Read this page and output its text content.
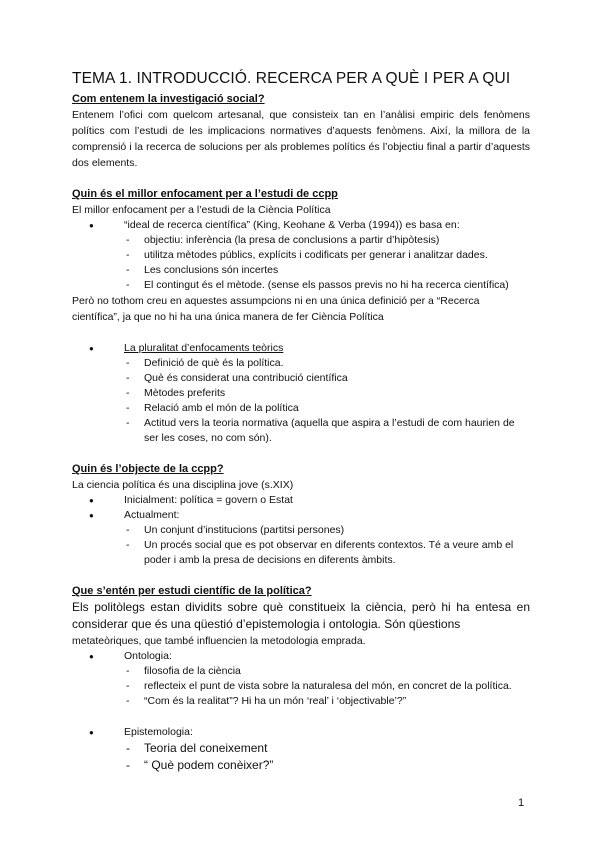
TEMA 1. INTRODUCCIÓ. RECERCA PER A QUÈ I PER A QUI
Com entenem la investigació social?

Entenem l’ofici com quelcom artesanal, que consisteix tan en l’anàlisi empiric dels fenòmens polítics com l’estudi de les implicacions normatives d’aquests fenòmens. Així, la millora de la comprensió i la recerca de solucions per als problemes polítics és l’objectiu final a partir d’aquests dos elements.

Quin és el millor enfocament per a l’estudi de ccpp

El millor enfocament per a l’estudi de la Ciència Política

● “ideal de recerca científica” (King, Keohane & Verba (1994)) es basa en:
- objectiu: inferència (la presa de conclusions a partir d’hipòtesis)
- utilitza mètodes públics, explícits i codificats per generar i analitzar dades.
- Les conclusions són incertes
- El contingut és el mètode. (sense els passos previs no hi ha recerca científica)

Però no tothom creu en aquestes assumpcions ni en una única definició per a “Recerca científica”, ja que no hi ha una única manera de fer Ciència Política

● La pluralitat d’enfocaments teòrics
- Definició de què és la política.
- Què és considerat una contribució científica
- Mètodes preferits
- Relació amb el món de la política
- Actitud vers la teoria normativa (aquella que aspira a l’estudi de com haurien de ser les coses, no com són).
Quin és l’objecte de la ccpp?

La ciencia política és una disciplina jove (s.XIX)

● Inicialment: política = govern o Estat
● Actualment:
- Un conjunt d’institucions (partitsi persones)
- Un procés social que es pot observar en diferents contextos. Té a veure amb el poder i amb la presa de decisions en diferents àmbits.
Que s’entén per estudi científic de la política?

Els politòlegs estan dividits sobre què constitueix la ciència, però hi ha entesa en considerar que és una qüestió d’epistemologia i ontologia. Són qüestions

metateòriques, que també influencien la metodologia emprada.

● Ontologia:
- filosofia de la ciència
- reflecteix el punt de vista sobre la naturalesa del món, en concret de la política.
- “Com és la realitat”? Hi ha un món ‘real’ i ‘objectivable’?”
● Epistemologia:
- Teoria del coneixement
- “ Què podem conèixer?”
1
